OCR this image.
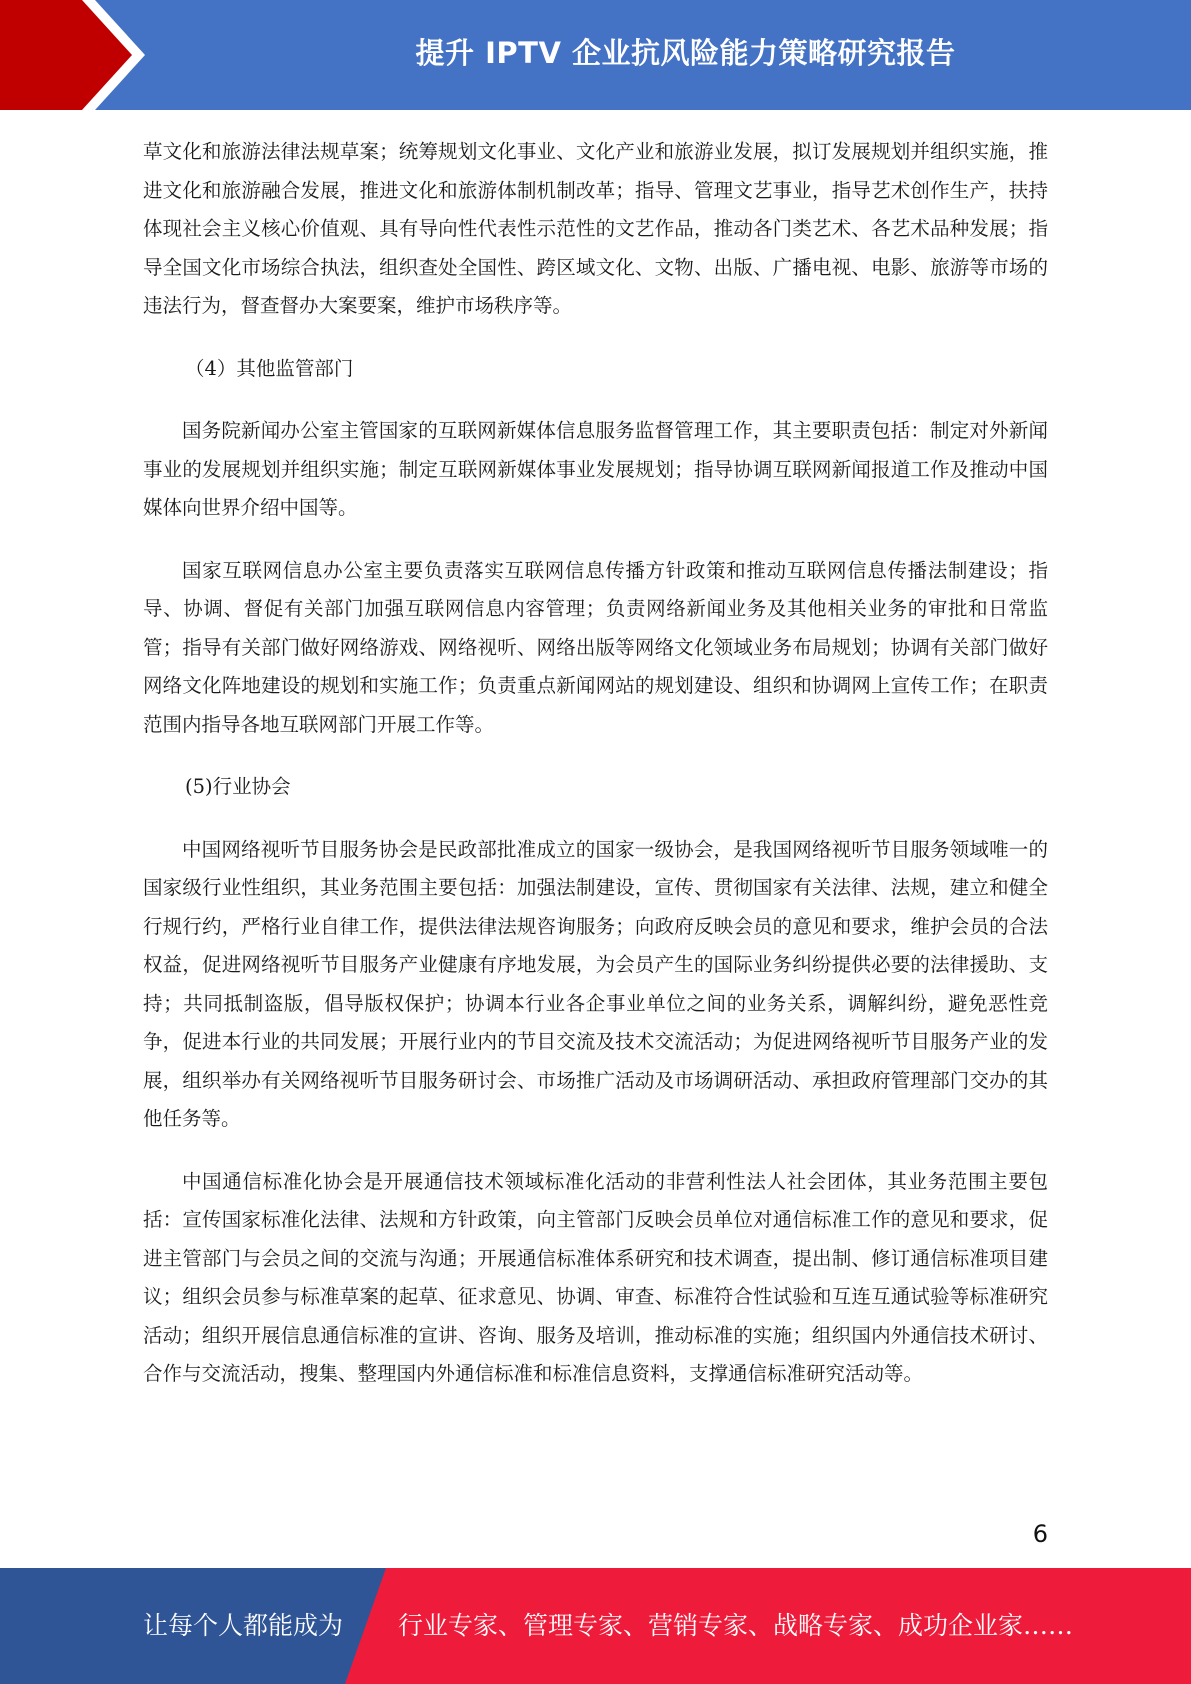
提升 IPTV 企业抗风险能力策略研究报告

草文化和旅游法律法规草案；统筹规划文化事业、文化产业和旅游业发展，拟订发展规划并组织实施，推进文化和旅游融合发展，推进文化和旅游体制机制改革；指导、管理文艺事业，指导艺术创作生产，扶持体现社会主义核心价值观、具有导向性代表性示范性的文艺作品，推动各门类艺术、各艺术品种发展；指导全国文化市场综合执法，组织查处全国性、跨区域文化、文物、出版、广播电视、电影、旅游等市场的违法行为，督查督办大案要案，维护市场秩序等。

（4）其他监管部门

国务院新闻办公室主管国家的互联网新媒体信息服务监督管理工作，其主要职责包括：制定对外新闻事业的发展规划并组织实施；制定互联网新媒体事业发展规划；指导协调互联网新闻报道工作及推动中国媒体向世界介绍中国等。

国家互联网信息办公室主要负责落实互联网信息传播方针政策和推动互联网信息传播法制建设；指导、协调、督促有关部门加强互联网信息内容管理；负责网络新闻业务及其他相关业务的审批和日常监管；指导有关部门做好网络游戏、网络视听、网络出版等网络文化领域业务布局规划；协调有关部门做好网络文化阵地建设的规划和实施工作；负责重点新闻网站的规划建设、组织和协调网上宣传工作；在职责范围内指导各地互联网部门开展工作等。

(5)行业协会

中国网络视听节目服务协会是民政部批准成立的国家一级协会，是我国网络视听节目服务领域唯一的国家级行业性组织，其业务范围主要包括：加强法制建设，宣传、贯彻国家有关法律、法规，建立和健全行规行约，严格行业自律工作，提供法律法规咨询服务；向政府反映会员的意见和要求，维护会员的合法权益，促进网络视听节目服务产业健康有序地发展，为会员产生的国际业务纠纷提供必要的法律援助、支持；共同抵制盗版，倡导版权保护；协调本行业各企事业单位之间的业务关系，调解纠纷，避免恶性竞争，促进本行业的共同发展；开展行业内的节目交流及技术交流活动；为促进网络视听节目服务产业的发展，组织举办有关网络视听节目服务研讨会、市场推广活动及市场调研活动、承担政府管理部门交办的其他任务等。

中国通信标准化协会是开展通信技术领域标准化活动的非营利性法人社会团体，其业务范围主要包括：宣传国家标准化法律、法规和方针政策，向主管部门反映会员单位对通信标准工作的意见和要求，促进主管部门与会员之间的交流与沟通；开展通信标准体系研究和技术调查，提出制、修订通信标准项目建议；组织会员参与标准草案的起草、征求意见、协调、审查、标准符合性试验和互连互通试验等标准研究活动；组织开展信息通信标准的宣讲、咨询、服务及培训，推动标准的实施；组织国内外通信技术研讨、合作与交流活动，搜集、整理国内外通信标准和标准信息资料，支撑通信标准研究活动等。

6
让每个人都能成为 行业专家、管理专家、营销专家、战略专家、成功企业家……
